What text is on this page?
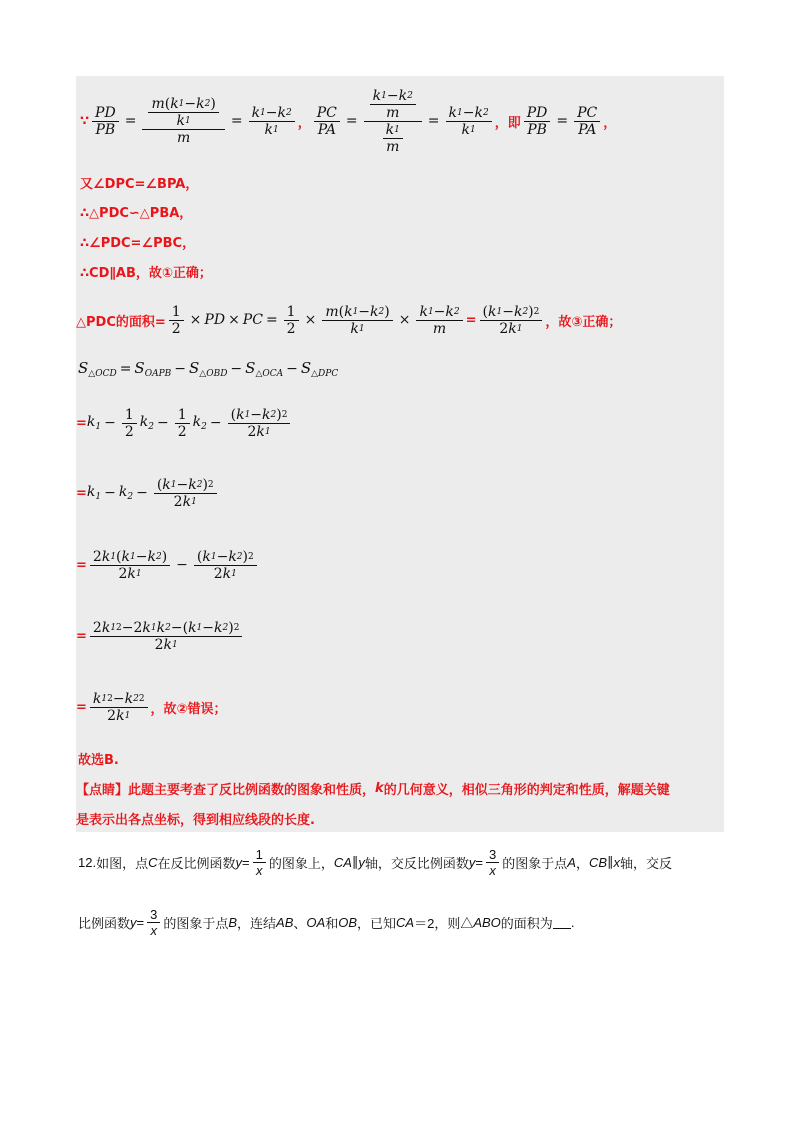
∵ $\frac{PD}{PB} = \frac{\frac{m ( k 1 - k 2 )}{k 1}}{m} = \frac{k 1 - k 2}{k 1}$ ， $\frac{PC}{PA} = \frac{\frac{k 1 - k 2}{m}}{\frac{k 1}{m}} = \frac{k 1 - k 2}{k 1}$ ， 即 $\frac{PD}{PB} = \frac{PC}{PA}$ ，
又∠DPC=∠BPA，
∴△PDC∽△PBA，
∴∠PDC=∠PBC，
∴CD∥AB，故①正确；
△PDC的面积= $\frac{1}{2}$ × PD × PC = $\frac{1}{2} \times \frac{m ( k 1 - k 2 )}{k 1} \times \frac{k 1 - k 2}{m} = \frac{( k 1 - k 2 ) 2}{2 k 1}$ ，故③正确；
$S_{\triangle OCD} = S_{OAPB} - S_{\triangle OBD} - S_{\triangle OCA} - S_{\triangle DPC}$
= $k_1 - \frac{1}{2} k_2 - \frac{1}{2} k_2 - \frac{( k 1 - k 2 ) 2}{2 k 1}$
= $k_1 - k_2 - \frac{( k 1 - k 2 ) 2}{2 k 1}$
= $\frac{2 k 1 ( k 1 - k 2 )}{2 k 1} - \frac{( k 1 - k 2 ) 2}{2 k 1}$
= $\frac{2 k 1 2 -2 k 1 k 2 -( k 1 - k 2 ) 2}{2 k 1}$
= $\frac{k 1 2 - k 2 2}{2 k 1}$ ，故②错误；
故选B.
【点睛】 此题主要考查了反比例函数的图象和性质， k 的几何意义，相似三角形的判定和性质，解题关键
是表示出各点坐标，得到相应线段的长度.
12. 如图，点 C 在反比例函数 $y = \frac{1}{x}$ 的图象上， CA ∥ y 轴，交反比例函数 $y = \frac{3}{x}$ 的图象于点 A ， CB ∥ x 轴，交反
比例函数 $y = \frac{3}{x}$ 的图象于点 B ，连结 AB 、 OA 和 OB ，已知 CA ＝2，则△ ABO 的面积为 .
